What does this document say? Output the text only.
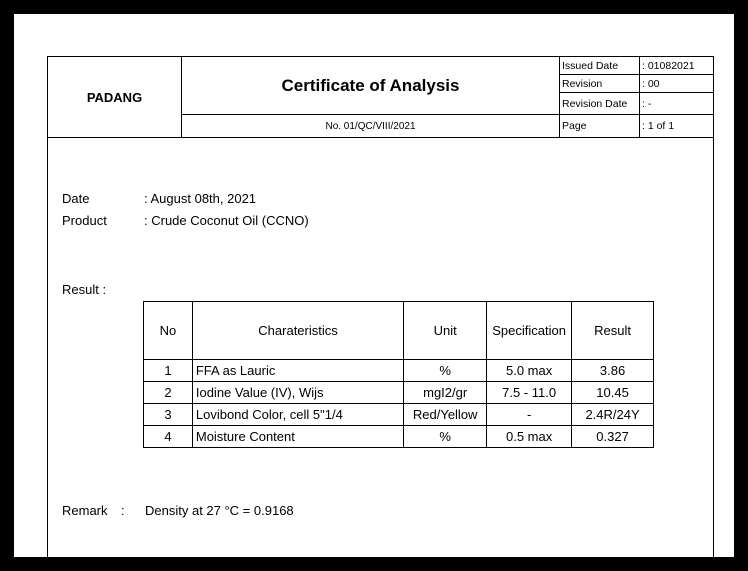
PADANG
Certificate of Analysis
No. 01/QC/VIII/2021
Issued Date	: 01082021
Revision	: 00
Revision Date	: -
Page	: 1 of 1
Date	: August 08th, 2021
Product	: Crude Coconut Oil (CCNO)
Result :
No	Charateristics	Unit	Specification	Result
1	FFA as Lauric	%	5.0 max	3.86
2	Iodine Value (IV), Wijs	mgI2/gr	7.5 - 11.0	10.45
3	Lovibond Color, cell 5"1/4	Red/Yellow	-	2.4R/24Y
4	Moisture Content	%	0.5 max	0.327
Remark : Density at 27 °C = 0.9168
